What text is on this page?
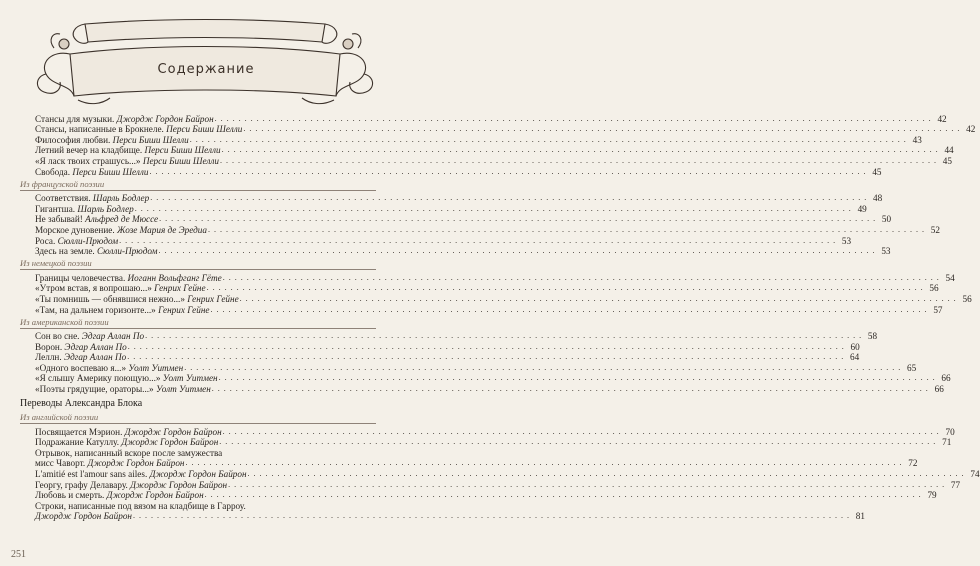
Содержание
Стансы для музыки. Джордж Гордон Байрон . . . . . . . . . . . . . . . . . . . . . . . . . . . . . . . . . . . . . . . . . . . . . . . . . . . . . . . . . . . . . . . . . . . . . . . . . . . . . . . . . . . . . . . . . . . . . . . . . . . . . . . . . . . . . . . . . . . . . . . . 42
Стансы, написанные в Брокнеле. Перси Биши Шелли . . . . . . . . . . . . . . . . . . . . . . . . . . . . . . . . . . . . . . . . . . . . . . . . . . . . . . . . . . . . . . . . . . . . . . . . . . . . . . . . . . . . . . . . . . . . . . . . . . . . . . . . . . . . . . . . . . . . . . . . 42
Философия любви. Перси Биши Шелли . . . . . . . . . . . . . . . . . . . . . . . . . . . . . . . . . . . . . . . . . . . . . . . . . . . . . . . . . . . . . . . . . . . . . . . . . . . . . . . . . . . . . . . . . . . . . . . . . . . . . . . . . . . . . . . . . . . . . . . . 43
Летний вечер на кладбище. Перси Биши Шелли . . . . . . . . . . . . . . . . . . . . . . . . . . . . . . . . . . . . . . . . . . . . . . . . . . . . . . . . . . . . . . . . . . . . . . . . . . . . . . . . . . . . . . . . . . . . . . . . . . . . . . . . . . . . . . . . . . . . . . . . 44
«Я ласк твоих страшусь...» Перси Биши Шелли . . . . . . . . . . . . . . . . . . . . . . . . . . . . . . . . . . . . . . . . . . . . . . . . . . . . . . . . . . . . . . . . . . . . . . . . . . . . . . . . . . . . . . . . . . . . . . . . . . . . . . . . . . . . . . . . . . . . . . . . 45
Свобода. Перси Биши Шелли . . . . . . . . . . . . . . . . . . . . . . . . . . . . . . . . . . . . . . . . . . . . . . . . . . . . . . . . . . . . . . . . . . . . . . . . . . . . . . . . . . . . . . . . . . . . . . . . . . . . . . . . . . . . . . . . . . . . . . . . 45
Из французской поэзии
Соответствия. Шарль Бодлер . . . . . . . . . . . . . . . . . . . . . . . . . . . . . . . . . . . . . . . . . . . . . . . . . . . . . . . . . . . . . . . . . . . . . . . . . . . . . . . . . . . . . . . . . . . . . . . . . . . . . . . . . . . . . . . . . . . . . . . . 48
Гигантша. Шарль Бодлер . . . . . . . . . . . . . . . . . . . . . . . . . . . . . . . . . . . . . . . . . . . . . . . . . . . . . . . . . . . . . . . . . . . . . . . . . . . . . . . . . . . . . . . . . . . . . . . . . . . . . . . . . . . . . . . . . . . . . . . . 49
Не забывай! Альфред де Мюссе . . . . . . . . . . . . . . . . . . . . . . . . . . . . . . . . . . . . . . . . . . . . . . . . . . . . . . . . . . . . . . . . . . . . . . . . . . . . . . . . . . . . . . . . . . . . . . . . . . . . . . . . . . . . . . . . . . . . . . . . 50
Морское дуновение. Жозе Мария де Эредиа . . . . . . . . . . . . . . . . . . . . . . . . . . . . . . . . . . . . . . . . . . . . . . . . . . . . . . . . . . . . . . . . . . . . . . . . . . . . . . . . . . . . . . . . . . . . . . . . . . . . . . . . . . . . . . . . . . . . . . . . 52
Роса. Сюлли-Прюдом . . . . . . . . . . . . . . . . . . . . . . . . . . . . . . . . . . . . . . . . . . . . . . . . . . . . . . . . . . . . . . . . . . . . . . . . . . . . . . . . . . . . . . . . . . . . . . . . . . . . . . . . . . . . . . . . . . . . . . . . 53
Здесь на земле. Сюлли-Прюдом . . . . . . . . . . . . . . . . . . . . . . . . . . . . . . . . . . . . . . . . . . . . . . . . . . . . . . . . . . . . . . . . . . . . . . . . . . . . . . . . . . . . . . . . . . . . . . . . . . . . . . . . . . . . . . . . . . . . . . . . 53
Из немецкой поэзии
Границы человечества. Иоганн Вольфганг Гёте . . . . . . . . . . . . . . . . . . . . . . . . . . . . . . . . . . . . . . . . . . . . . . . . . . . . . . . . . . . . . . . . . . . . . . . . . . . . . . . . . . . . . . . . . . . . . . . . . . . . . . . . . . . . . . . . . . . . . . . . 54
«Утром встав, я вопрошаю...» Генрих Гейне . . . . . . . . . . . . . . . . . . . . . . . . . . . . . . . . . . . . . . . . . . . . . . . . . . . . . . . . . . . . . . . . . . . . . . . . . . . . . . . . . . . . . . . . . . . . . . . . . . . . . . . . . . . . . . . . . . . . . . . . 56
«Ты помнишь — обнявшися нежно...» Генрих Гейне . . . . . . . . . . . . . . . . . . . . . . . . . . . . . . . . . . . . . . . . . . . . . . . . . . . . . . . . . . . . . . . . . . . . . . . . . . . . . . . . . . . . . . . . . . . . . . . . . . . . . . . . . . . . . . . . . . . . . . . . 56
«Там, на дальнем горизонте...» Генрих Гейне . . . . . . . . . . . . . . . . . . . . . . . . . . . . . . . . . . . . . . . . . . . . . . . . . . . . . . . . . . . . . . . . . . . . . . . . . . . . . . . . . . . . . . . . . . . . . . . . . . . . . . . . . . . . . . . . . . . . . . . . 57
Из американской поэзии
Сон во сне. Эдгар Аллан По . . . . . . . . . . . . . . . . . . . . . . . . . . . . . . . . . . . . . . . . . . . . . . . . . . . . . . . . . . . . . . . . . . . . . . . . . . . . . . . . . . . . . . . . . . . . . . . . . . . . . . . . . . . . . . . . . . . . . . . . 58
Ворон. Эдгар Аллан По . . . . . . . . . . . . . . . . . . . . . . . . . . . . . . . . . . . . . . . . . . . . . . . . . . . . . . . . . . . . . . . . . . . . . . . . . . . . . . . . . . . . . . . . . . . . . . . . . . . . . . . . . . . . . . . . . . . . . . . . 60
Леллн. Эдгар Аллан По . . . . . . . . . . . . . . . . . . . . . . . . . . . . . . . . . . . . . . . . . . . . . . . . . . . . . . . . . . . . . . . . . . . . . . . . . . . . . . . . . . . . . . . . . . . . . . . . . . . . . . . . . . . . . . . . . . . . . . . . 64
«Одного воспеваю я...» Уолт Уитмен . . . . . . . . . . . . . . . . . . . . . . . . . . . . . . . . . . . . . . . . . . . . . . . . . . . . . . . . . . . . . . . . . . . . . . . . . . . . . . . . . . . . . . . . . . . . . . . . . . . . . . . . . . . . . . . . . . . . . . . . 65
«Я слышу Америку поющую...» Уолт Уитмен . . . . . . . . . . . . . . . . . . . . . . . . . . . . . . . . . . . . . . . . . . . . . . . . . . . . . . . . . . . . . . . . . . . . . . . . . . . . . . . . . . . . . . . . . . . . . . . . . . . . . . . . . . . . . . . . . . . . . . . . 66
«Поэты грядущие, ораторы...» Уолт Уитмен . . . . . . . . . . . . . . . . . . . . . . . . . . . . . . . . . . . . . . . . . . . . . . . . . . . . . . . . . . . . . . . . . . . . . . . . . . . . . . . . . . . . . . . . . . . . . . . . . . . . . . . . . . . . . . . . . . . . . . . . 66
Переводы Александра Блока
Из английской поэзии
Посвящается Мэрион. Джордж Гордон Байрон . . . . . . . . . . . . . . . . . . . . . . . . . . . . . . . . . . . . . . . . . . . . . . . . . . . . . . . . . . . . . . . . . . . . . . . . . . . . . . . . . . . . . . . . . . . . . . . . . . . . . . . . . . . . . . . . . . . . . . . . 70
Подражание Катуллу. Джордж Гордон Байрон . . . . . . . . . . . . . . . . . . . . . . . . . . . . . . . . . . . . . . . . . . . . . . . . . . . . . . . . . . . . . . . . . . . . . . . . . . . . . . . . . . . . . . . . . . . . . . . . . . . . . . . . . . . . . . . . . . . . . . . . 71
Отрывок, написанный вскоре после замужества
мисс Чаворт. Джордж Гордон Байрон . . . . . . . . . . . . . . . . . . . . . . . . . . . . . . . . . . . . . . . . . . . . . . . . . . . . . . . . . . . . . . . . . . . . . . . . . . . . . . . . . . . . . . . . . . . . . . . . . . . . . . . . . . . . . . . . . . . . . . . . 72
L'amitié est l'amour sans ailes. Джордж Гордон Байрон . . . . . . . . . . . . . . . . . . . . . . . . . . . . . . . . . . . . . . . . . . . . . . . . . . . . . . . . . . . . . . . . . . . . . . . . . . . . . . . . . . . . . . . . . . . . . . . . . . . . . . . . . . . . . . . . . . . . . . . . 74
Георгу, графу Делавару. Джордж Гордон Байрон . . . . . . . . . . . . . . . . . . . . . . . . . . . . . . . . . . . . . . . . . . . . . . . . . . . . . . . . . . . . . . . . . . . . . . . . . . . . . . . . . . . . . . . . . . . . . . . . . . . . . . . . . . . . . . . . . . . . . . . . 77
Любовь и смерть. Джордж Гордон Байрон . . . . . . . . . . . . . . . . . . . . . . . . . . . . . . . . . . . . . . . . . . . . . . . . . . . . . . . . . . . . . . . . . . . . . . . . . . . . . . . . . . . . . . . . . . . . . . . . . . . . . . . . . . . . . . . . . . . . . . . . 79
Строки, написанные под вязом на кладбище в Гарроу.
Джордж Гордон Байрон . . . . . . . . . . . . . . . . . . . . . . . . . . . . . . . . . . . . . . . . . . . . . . . . . . . . . . . . . . . . . . . . . . . . . . . . . . . . . . . . . . . . . . . . . . . . . . . . . . . . . . . . . . . . . . . . . . . . . . . . 81
251
